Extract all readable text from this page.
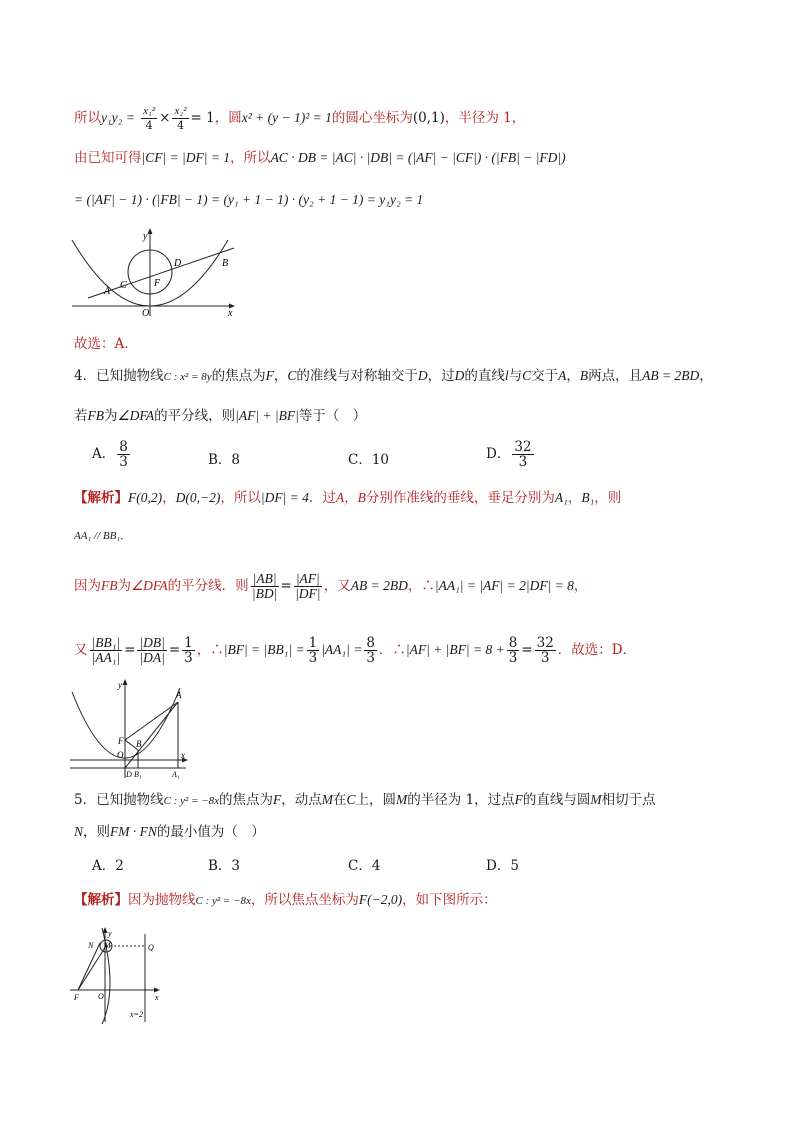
所以$y_1y_2 = \frac{\text{x₁²}}{4} \times \frac{\text{x₂²}}{4} = 1$，圆x² + (y − 1)² = 1的圆心坐标为(0,1)，半径为 1，
由已知可得|CF| = |DF| = 1，所以AC · DB = |AC| · |DB| = (|AF| − |CF|) · (|FB| − |FD|)
= (|AF| − 1) · (|FB| − 1) = (y₁ + 1 − 1) · (y₂ + 1 − 1) = y₁y₂ = 1
y
x
O
A
B
C
D
F
故选：A.
4．已知抛物线C : x² = 8y的焦点为F，C的准线与对称轴交于D，过D的直线l与C交于A，B两点，且AB = 2BD，
若FB为∠DFA的平分线，则|AF| + |BF|等于（　）
A． $\frac{8}{3}$	B．8	C．10	D． $\frac{32}{3}$
【解析】F(0,2)，D(0,−2)，所以|DF| = 4．过A，B分别作准线的垂线，垂足分别为A₁，B₁，则
AA₁ // BB₁．
因为FB为∠DFA的平分线．则 $\frac{|AB|}{|BD|} = \frac{|AF|}{|DF|}$ ，又AB = 2BD，∴|AA₁| = |AF| = 2|DF| = 8，
又 $\frac{\text{|BB₁|}}{\text{|AA₁|}} = \frac{|DB|}{|DA|} = \frac{1}{3}$ ，∴|BF| = $|BB_1| = \frac{1}{3} |AA_1| = \frac{8}{3}$ ．∴|AF| + $|BF| = 8 + \frac{8}{3} = \frac{32}{3}$ ．故选：D．
y
x
O
A
B
F
D B₁	A₁
5．已知抛物线C : y² = −8x的焦点为F，动点M在C上，圆M的半径为 1，过点F的直线与圆M相切于点
N，则FM · FN的最小值为（　）
A．2	B．3	C．4	D．5
【解析】因为抛物线C : y² = −8x，所以焦点坐标为F(−2,0)，如下图所示：
y
N M	Q
F O	x
x=2
